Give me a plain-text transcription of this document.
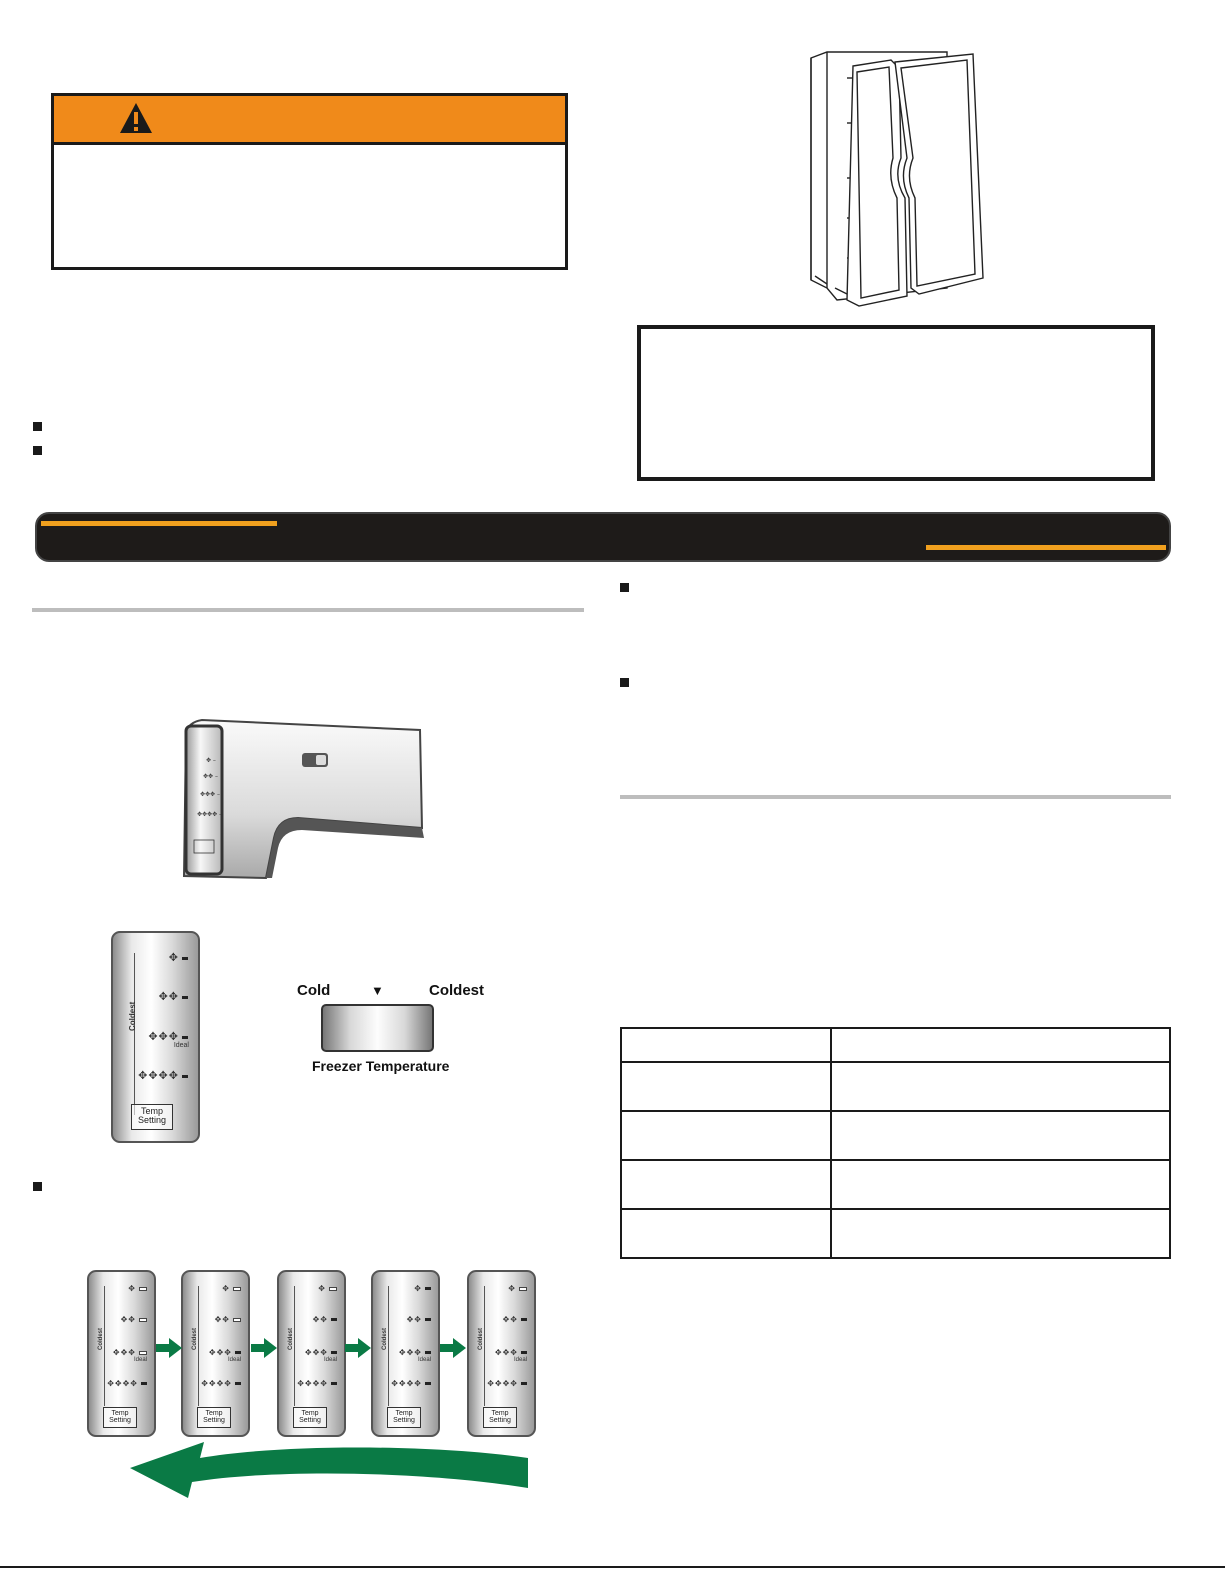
✥ –
✥✥ –
✥✥✥ –
✥✥✥✥ –
Coldest
✥
✥✥
✥✥✥
Ideal
✥✥✥✥
Temp
Setting
Cold	▼	Coldest
Freezer Temperature
Coldest
✥
✥✥
✥✥✥
✥✥✥✥
Ideal
Temp
Setting
Coldest
✥
✥✥
✥✥✥
✥✥✥✥
Ideal
Temp
Setting
Coldest
✥
✥✥
✥✥✥
✥✥✥✥
Ideal
Temp
Setting
Coldest
✥
✥✥
✥✥✥
✥✥✥✥
Ideal
Temp
Setting
Coldest
✥
✥✥
✥✥✥
✥✥✥✥
Ideal
Temp
Setting
